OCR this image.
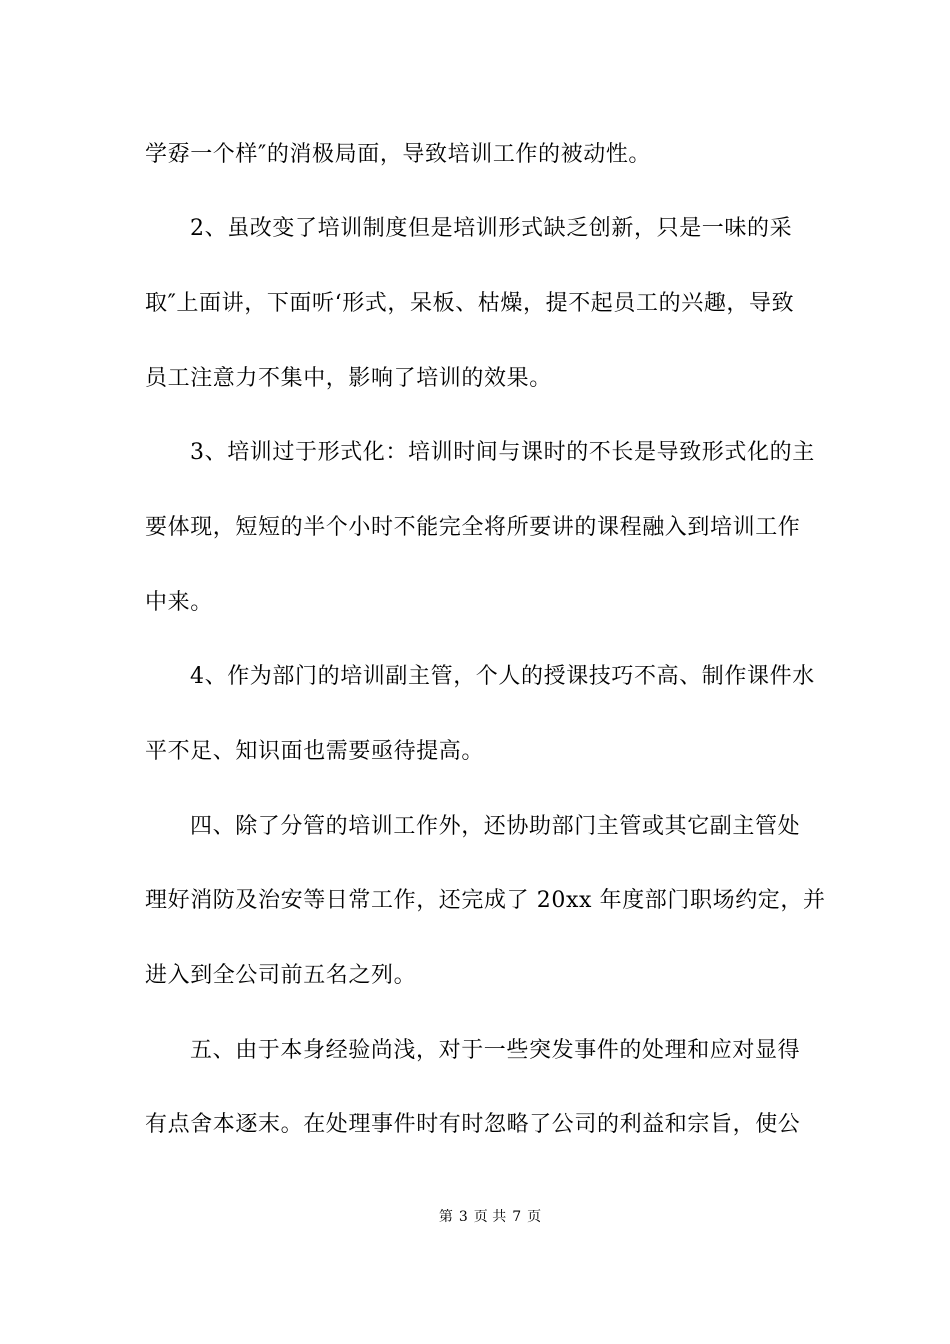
学孬一个样″的消极局面，导致培训工作的被动性。
2、虽改变了培训制度但是培训形式缺乏创新，只是一味的采
取″上面讲，下面听‘形式，呆板、枯燥，提不起员工的兴趣，导致
员工注意力不集中，影响了培训的效果。
3、培训过于形式化：培训时间与课时的不长是导致形式化的主
要体现，短短的半个小时不能完全将所要讲的课程融入到培训工作
中来。
4、作为部门的培训副主管，个人的授课技巧不高、制作课件水
平不足、知识面也需要亟待提高。
四、除了分管的培训工作外，还协助部门主管或其它副主管处
理好消防及治安等日常工作，还完成了 20xx 年度部门职场约定，并
进入到全公司前五名之列。
五、由于本身经验尚浅，对于一些突发事件的处理和应对显得
有点舍本逐末。在处理事件时有时忽略了公司的利益和宗旨，使公
第 3 页 共 7 页
